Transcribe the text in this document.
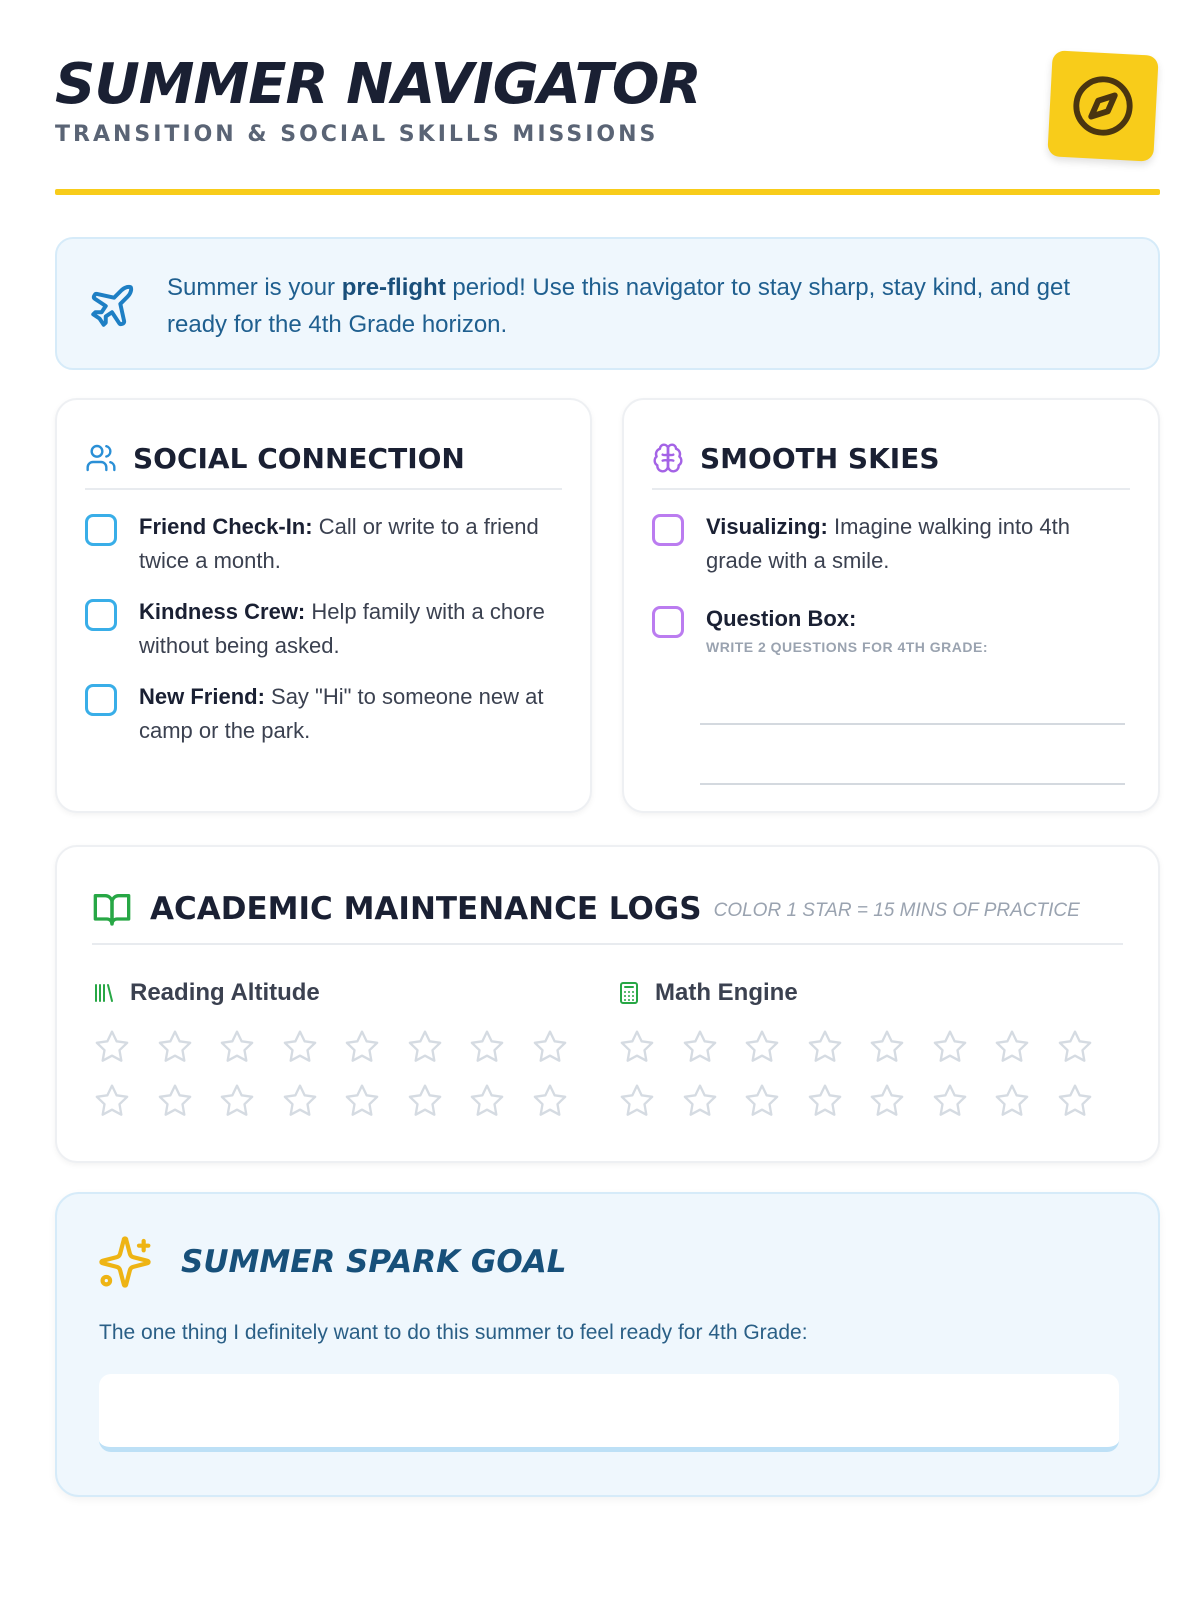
SUMMER NAVIGATOR
TRANSITION & SOCIAL SKILLS MISSIONS
Summer is your pre-flight period! Use this navigator to stay sharp, stay kind, and get ready for the 4th Grade horizon.
SOCIAL CONNECTION
Friend Check-In: Call or write to a friend twice a month.
Kindness Crew: Help family with a chore without being asked.
New Friend: Say "Hi" to someone new at camp or the park.
SMOOTH SKIES
Visualizing: Imagine walking into 4th grade with a smile.
Question Box:
WRITE 2 QUESTIONS FOR 4TH GRADE:
ACADEMIC MAINTENANCE LOGS COLOR 1 STAR = 15 MINS OF PRACTICE
Reading Altitude	Math Engine
SUMMER SPARK GOAL
The one thing I definitely want to do this summer to feel ready for 4th Grade:
